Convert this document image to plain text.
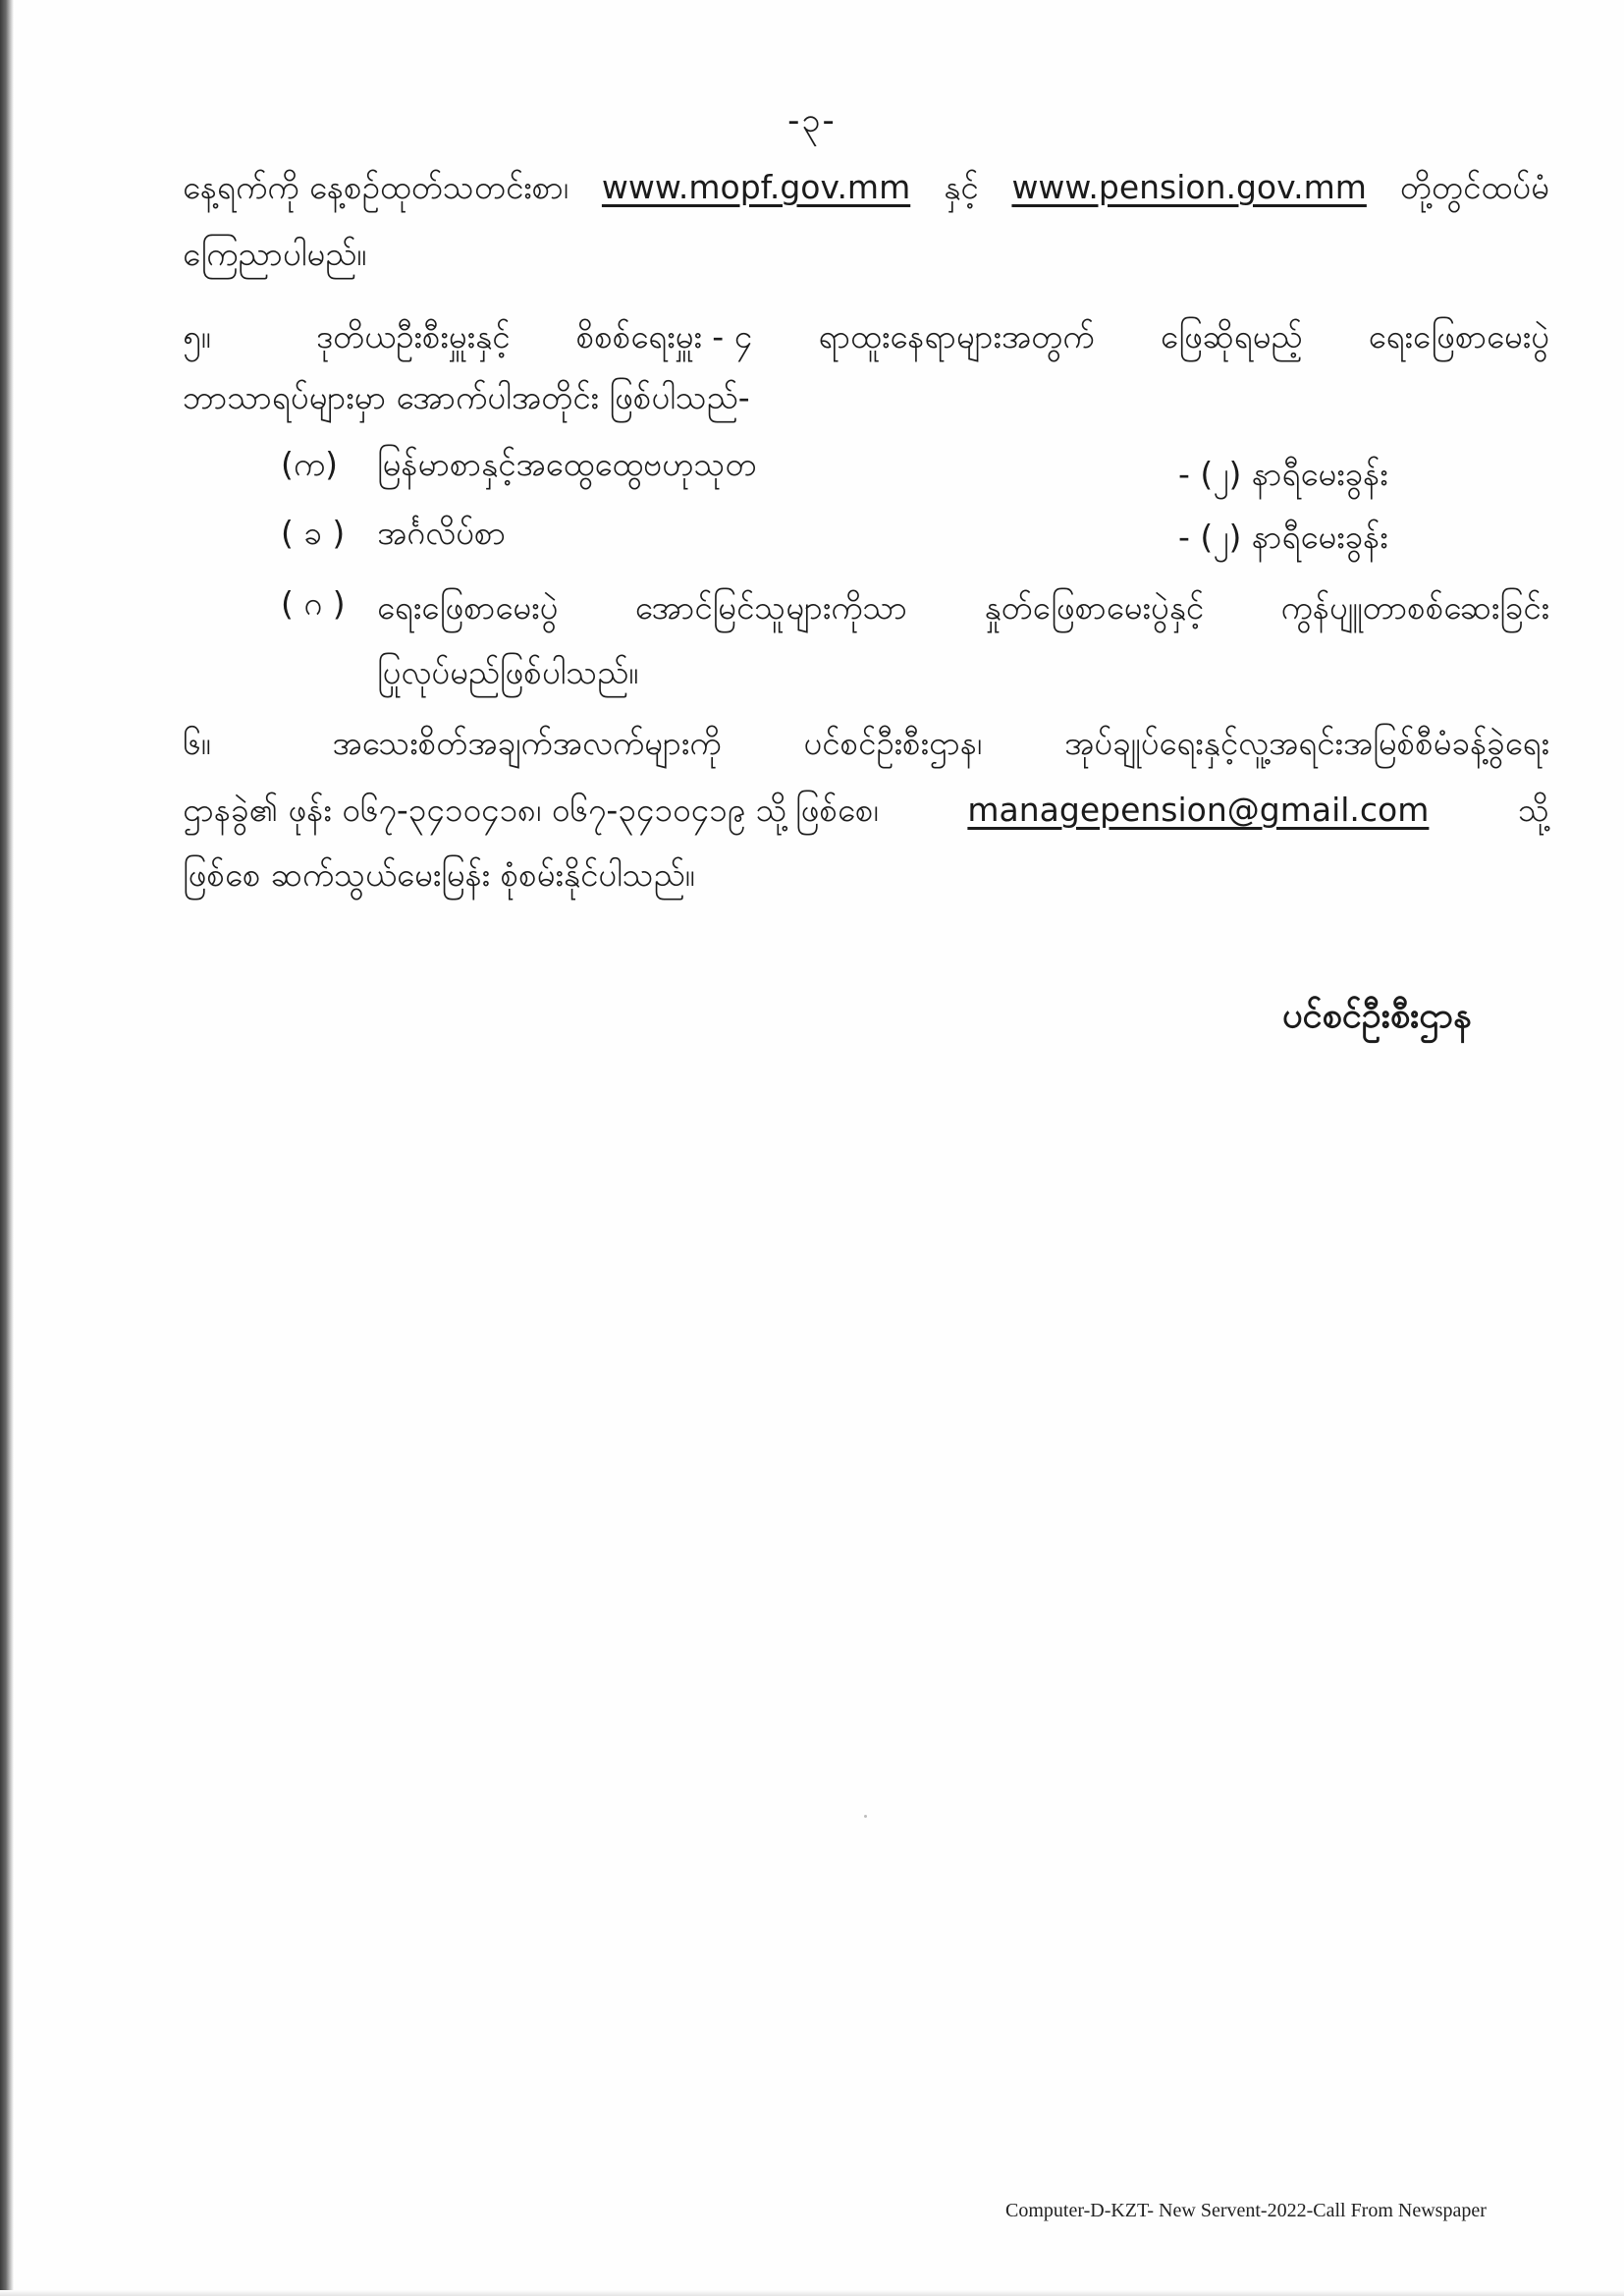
-၃-
နေ့ရက်ကို နေ့စဉ်ထုတ်သတင်းစာ၊ www.mopf.gov.mm နှင့် www.pension.gov.mm တို့တွင်ထပ်မံ
ကြေညာပါမည်။
၅။	ဒုတိယဦးစီးမှူးနှင့် စိစစ်ရေးမှူး - ၄ ရာထူးနေရာများအတွက် ဖြေဆိုရမည့် ရေးဖြေစာမေးပွဲ
ဘာသာရပ်များမှာ အောက်ပါအတိုင်း ဖြစ်ပါသည်-
(က) မြန်မာစာနှင့်အထွေထွေဗဟုသုတ	- (၂) နာရီမေးခွန်း
( ခ ) အင်္ဂလိပ်စာ	- (၂) နာရီမေးခွန်း
( ဂ ) ရေးဖြေစာမေးပွဲ အောင်မြင်သူများကိုသာ နှုတ်ဖြေစာမေးပွဲနှင့် ကွန်ပျူတာစစ်ဆေးခြင်း
ပြုလုပ်မည်ဖြစ်ပါသည်။
၆။	အသေးစိတ်အချက်အလက်များကို	ပင်စင်ဦးစီးဌာန၊	အုပ်ချုပ်ရေးနှင့်လူ့အရင်းအမြစ်စီမံခန့်ခွဲရေး
ဌာနခွဲ၏ ဖုန်း ၀၆၇-၃၄၁၀၄၁၈၊ ၀၆၇-၃၄၁၀၄၁၉ သို့ဖြစ်စေ၊	managepension@gmail.com	သို့
ဖြစ်စေ ဆက်သွယ်မေးမြန်း စုံစမ်းနိုင်ပါသည်။
ပင်စင်ဦးစီးဌာန
Computer-D-KZT- New Servent-2022-Call From Newspaper
